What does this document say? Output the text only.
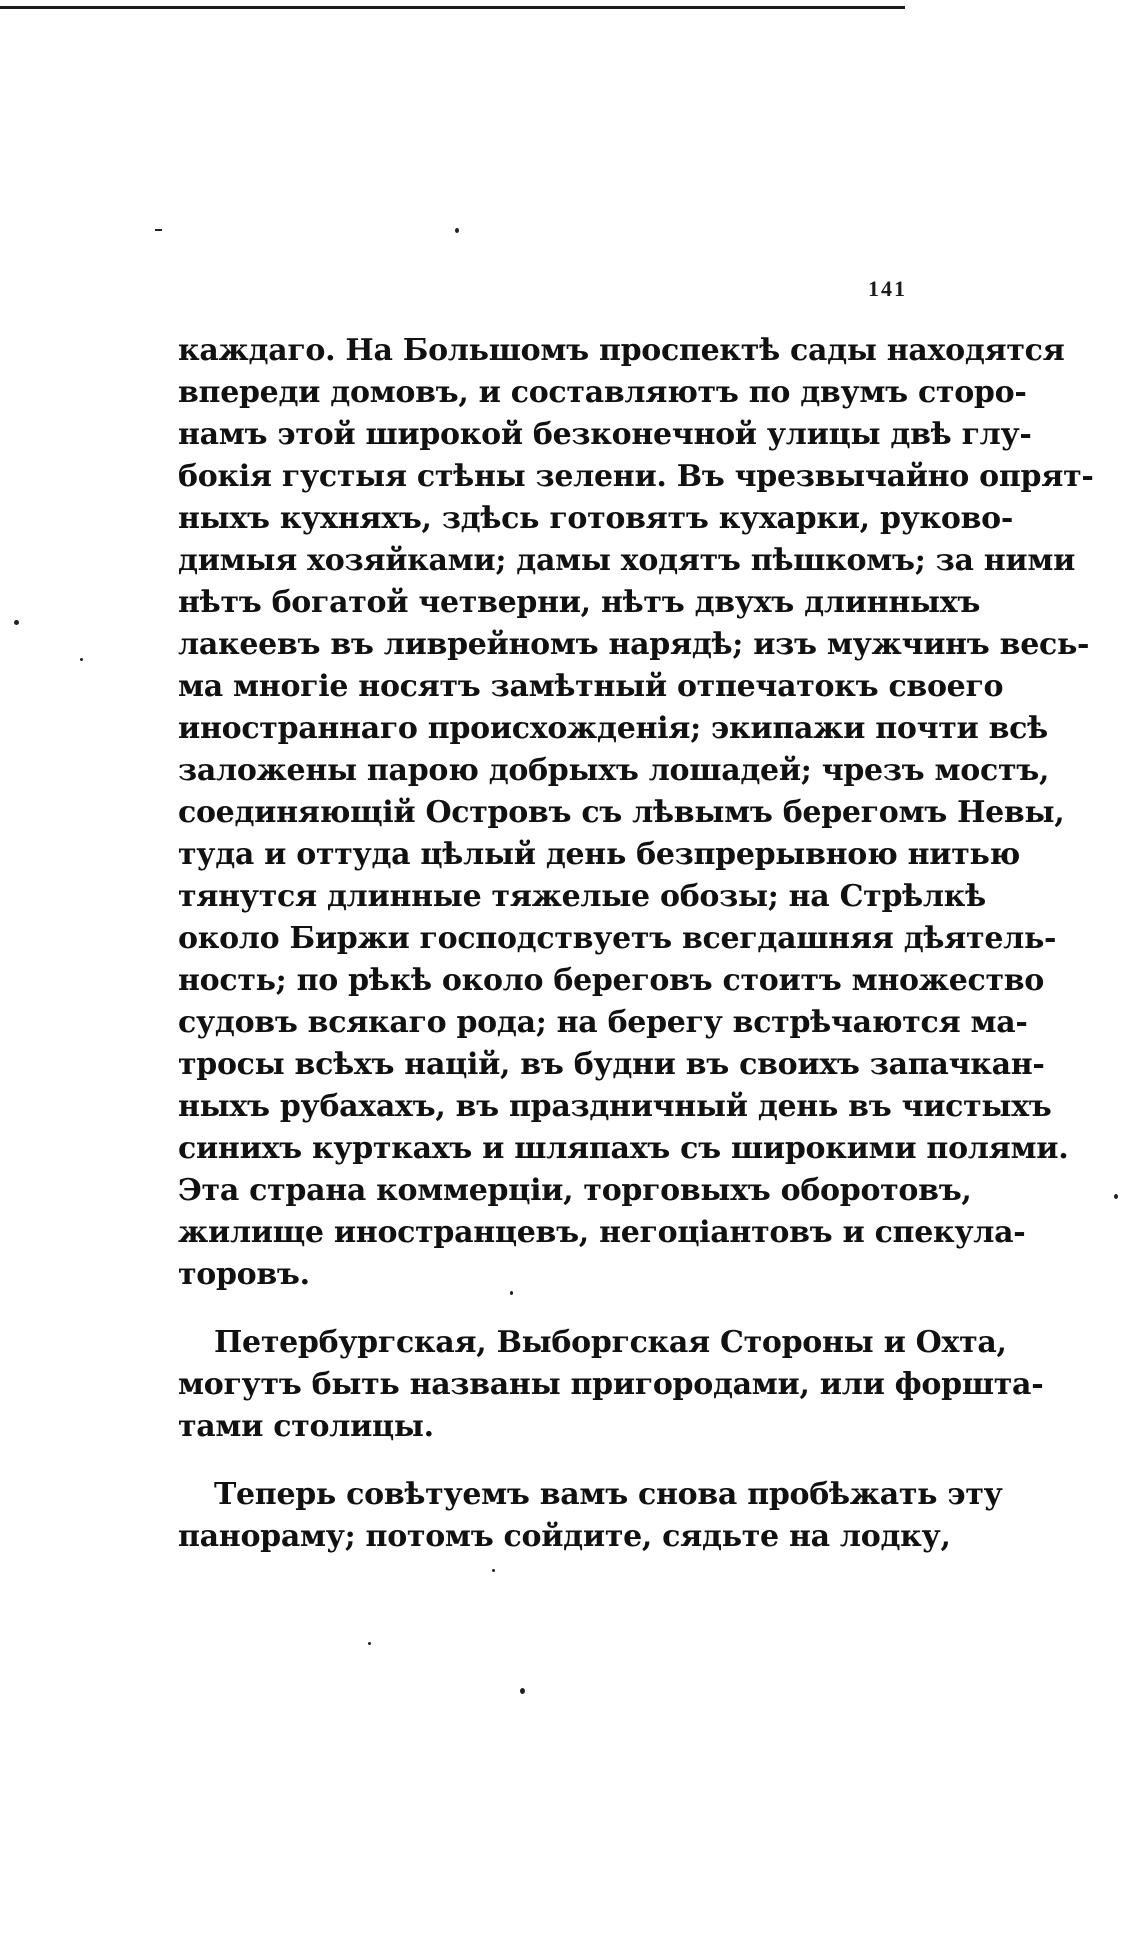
141
каждаго. На Большомъ проспектѣ сады находятся
впереди домовъ, и составляютъ по двумъ сторо-
намъ этой широкой безконечной улицы двѣ глу-
бокія густыя стѣны зелени. Въ чрезвычайно опрят-
ныхъ кухняхъ, здѣсь готовятъ кухарки, руково-
димыя хозяйками; дамы ходятъ пѣшкомъ; за ними
нѣтъ богатой четверни, нѣтъ двухъ длинныхъ
лакеевъ въ ливрейномъ нарядѣ; изъ мужчинъ весь-
ма многіе носятъ замѣтный отпечатокъ своего
иностраннаго происхожденія; экипажи почти всѣ
заложены парою добрыхъ лошадей; чрезъ мостъ,
соединяющій Островъ съ лѣвымъ берегомъ Невы,
туда и оттуда цѣлый день безпрерывною нитью
тянутся длинные тяжелые обозы; на Стрѣлкѣ
около Биржи господствуетъ всегдашняя дѣятель-
ность; по рѣкѣ около береговъ стоитъ множество
судовъ всякаго рода; на берегу встрѣчаются ма-
тросы всѣхъ націй, въ будни въ своихъ запачкан-
ныхъ рубахахъ, въ праздничный день въ чистыхъ
синихъ курткахъ и шляпахъ съ широкими полями.
Эта страна коммерціи, торговыхъ оборотовъ,
жилище иностранцевъ, негоціантовъ и спекула-
торовъ.
Петербургская, Выборгская Стороны и Охта,
могутъ быть названы пригородами, или форшта-
тами столицы.
Теперь совѣтуемъ вамъ снова пробѣжать эту
панораму; потомъ сойдите, сядьте на лодку,
